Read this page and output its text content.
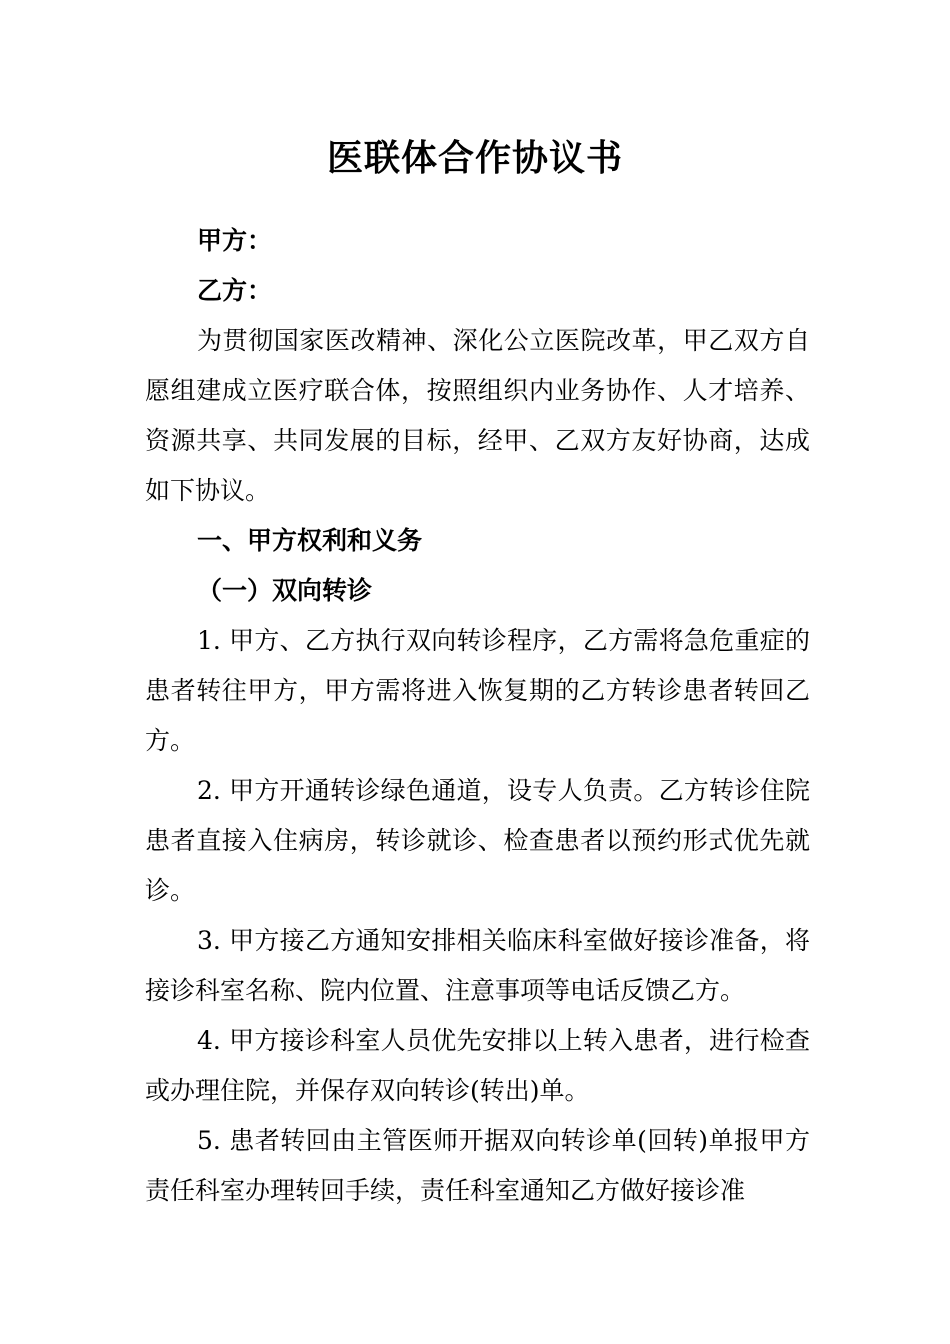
医联体合作协议书

甲方：

乙方：

为贯彻国家医改精神、深化公立医院改革，甲乙双方自愿组建成立医疗联合体，按照组织内业务协作、人才培养、资源共享、共同发展的目标，经甲、乙双方友好协商，达成如下协议。

一、甲方权利和义务

（一）双向转诊

1. 甲方、乙方执行双向转诊程序，乙方需将急危重症的患者转往甲方，甲方需将进入恢复期的乙方转诊患者转回乙方。

2. 甲方开通转诊绿色通道，设专人负责。乙方转诊住院患者直接入住病房，转诊就诊、检查患者以预约形式优先就诊。

3. 甲方接乙方通知安排相关临床科室做好接诊准备，将接诊科室名称、院内位置、注意事项等电话反馈乙方。

4. 甲方接诊科室人员优先安排以上转入患者，进行检查或办理住院，并保存双向转诊(转出)单。

5. 患者转回由主管医师开据双向转诊单(回转)单报甲方责任科室办理转回手续，责任科室通知乙方做好接诊准
